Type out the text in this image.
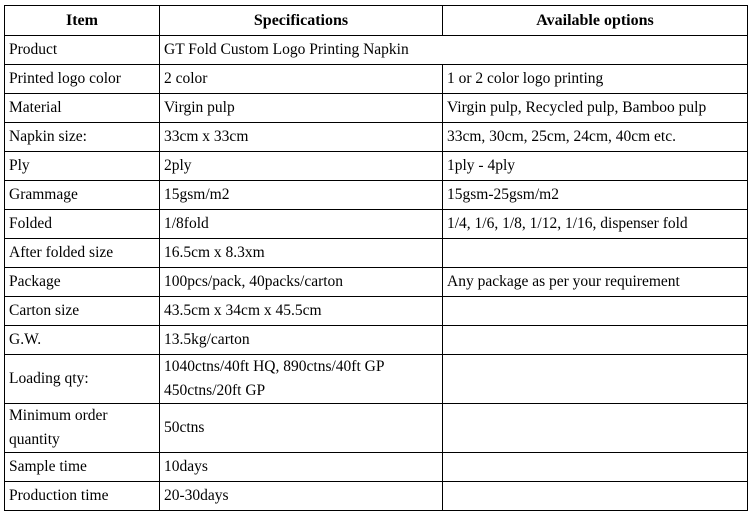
Item	Specifications	Available options
Product	GT Fold Custom Logo Printing Napkin	
Printed logo color	2 color	1 or 2 color logo printing
Material	Virgin pulp	Virgin pulp, Recycled pulp, Bamboo pulp
Napkin size:	33cm x 33cm	33cm, 30cm, 25cm, 24cm, 40cm etc.
Ply	2ply	1ply - 4ply
Grammage	15gsm/m2	15gsm-25gsm/m2
Folded	1/8fold	1/4, 1/6, 1/8, 1/12, 1/16, dispenser fold
After folded size	16.5cm x 8.3xm	
Package	100pcs/pack, 40packs/carton	Any package as per your requirement
Carton size	43.5cm x 34cm x 45.5cm	
G.W.	13.5kg/carton	
Loading qty:	1040ctns/40ft HQ, 890ctns/40ft GP
450ctns/20ft GP	

Minimum order
quantity	50ctns	
Sample time	10days	
Production time	20-30days	
